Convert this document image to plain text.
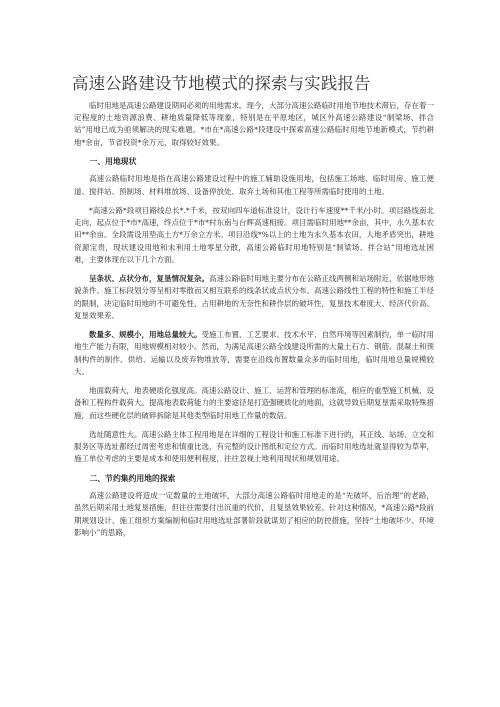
高速公路建设节地模式的探索与实践报告

临时用地是高速公路建设期间必须的用地需求。现今，大部分高速公路临时用地节地技术滞后，存在着一定程度的土地资源浪费、耕地质量降低等现象，特别是在平原地区，城区外高速公路建设“制梁场、拌合站”用地已成为亟须解决的现实难题。*市在*高速公路*段建设中探索高速公路临时用地节地新模式，节约耕地*余亩，节省投资*余万元，取得较好效果。

一、用地现状

高速公路临时用地是指在高速公路建设过程中的施工辅助设施用地，包括施工场地、临时用房、施工便道、搅拌站、预制场、材料堆放场、设备停放处、取弃土场和其他工程等所需临时使用的土地。

*高速公路*段项目路线总长*.*千米，按双向四车道标准设计，设计行车速度**千米/小时。项目路线南北走向，起点位于*市*高速，终点位于*市*村东南与台辉高速相接。项目需临时用地**余亩，其中，永久基本农田**余亩。全段需设用垫高土方*万余立方米。项目沿线*%以上的土地为永久基本农田，人地矛盾突出，耕地资源宝贵，现状建设用地和未利用土地零星分散，高速公路临时用地特别是“制梁场、拌合站”用地选址困难，主要体现在以下几个方面。

呈条状、点状分布，复垦情况复杂。高速公路临时用地主要分布在公路正线两侧和站场附近，依据地形地貌条件、施工标段划分等呈相对零散而又相互联系的线条状或点状分布。高速公路线性工程的特性和施工半径的限制，决定临时用地的不可避免性、占用耕地的无奈性和耕作层的破坏性，复垦技术难度大、经济代价高、复垦效果差。

数量多、规模小，用地总量较大。受施工布置、工艺要求、技术水平、自然环境等因素制约，单一临时用地生产能力有限，用地规模相对较小。然而，为满足高速公路全线建设所需的大量土石方、钢筋、混凝土和预制构件的制作、供给、运输以及废弃物堆放等，需要在沿线布置数量众多的临时用地，临时用地总量规模较大。

地面载荷大，地表硬质化强度高。高速公路设计、施工、运营和管理的标准高，相应的重型施工机械、设备和工程构件载荷大。提高地表载荷能力的主要途径是打造强硬质化的地面，这就导致后期复垦需采取特殊措施，而这些硬化层的破碎拆除是其他类型临时用地工作量的数倍。

选址随意性大。高速公路主体工程用地是在详细的工程设计和施工标准下进行的，其正线、站场、立交和服务区等选址都经过周密考虑和慎重比选，有完整的设计图纸和定位方式。而临时用地选址就显得较为草率，施工单位考虑的主要是成本和使用便利程度，往往忽视土地利用现状和规划用途。

二、节约集约用地的探索

高速公路建设将造成一定数量的土地破坏，大部分高速公路临时用地走的是“先破坏，后治理”的老路，虽然后期采用土地复垦措施，但往往需要付出沉重的代价，且复垦效果较差。针对这种情况，*高速公路*段前期规划设计、施工组织方案编制和临时用地选址部署阶段就谋划了相应的防控措施，坚持“土地破坏少、环境影响小”的思路，
